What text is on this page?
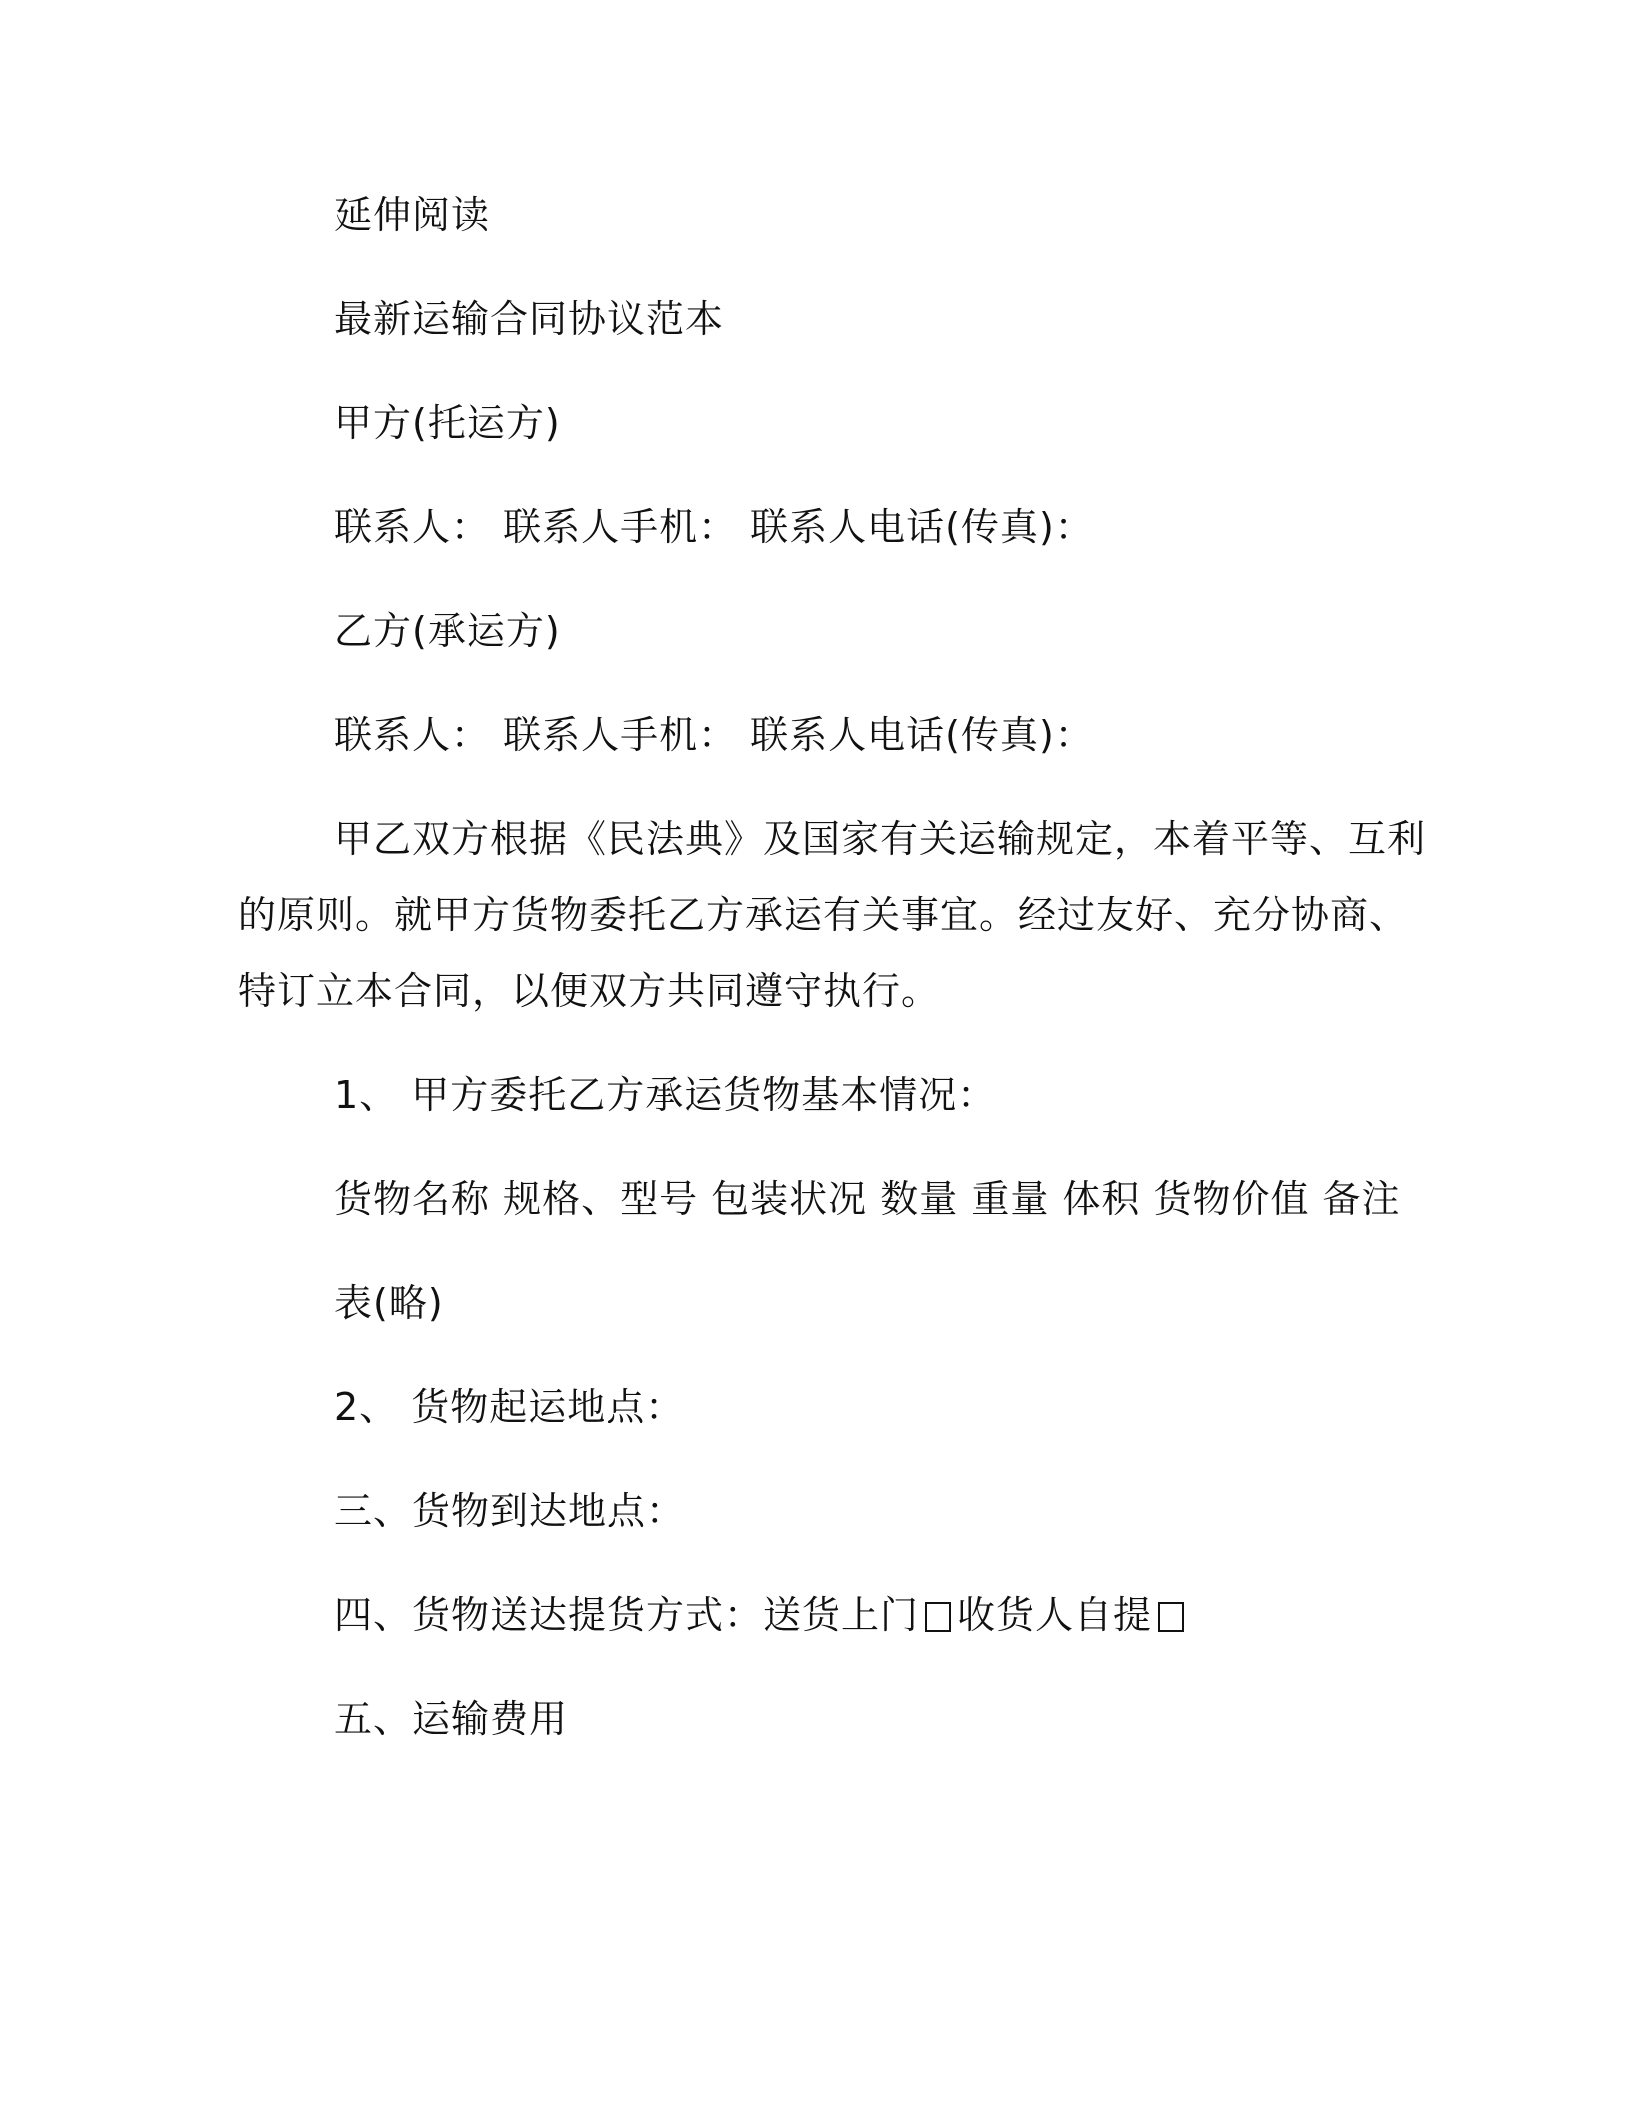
延伸阅读
最新运输合同协议范本
甲方(托运方)
联系人： 联系人手机： 联系人电话(传真)：
乙方(承运方)
联系人： 联系人手机： 联系人电话(传真)：
甲乙双方根据《民法典》及国家有关运输规定，本着平等、互利
的原则。就甲方货物委托乙方承运有关事宜。经过友好、充分协商、
特订立本合同，以便双方共同遵守执行。
1、 甲方委托乙方承运货物基本情况：
货物名称 规格、型号 包装状况 数量 重量 体积 货物价值 备注
表(略)
2、 货物起运地点：
三、货物到达地点：
四、货物送达提货方式：送货上门 收货人自提
五、运输费用
